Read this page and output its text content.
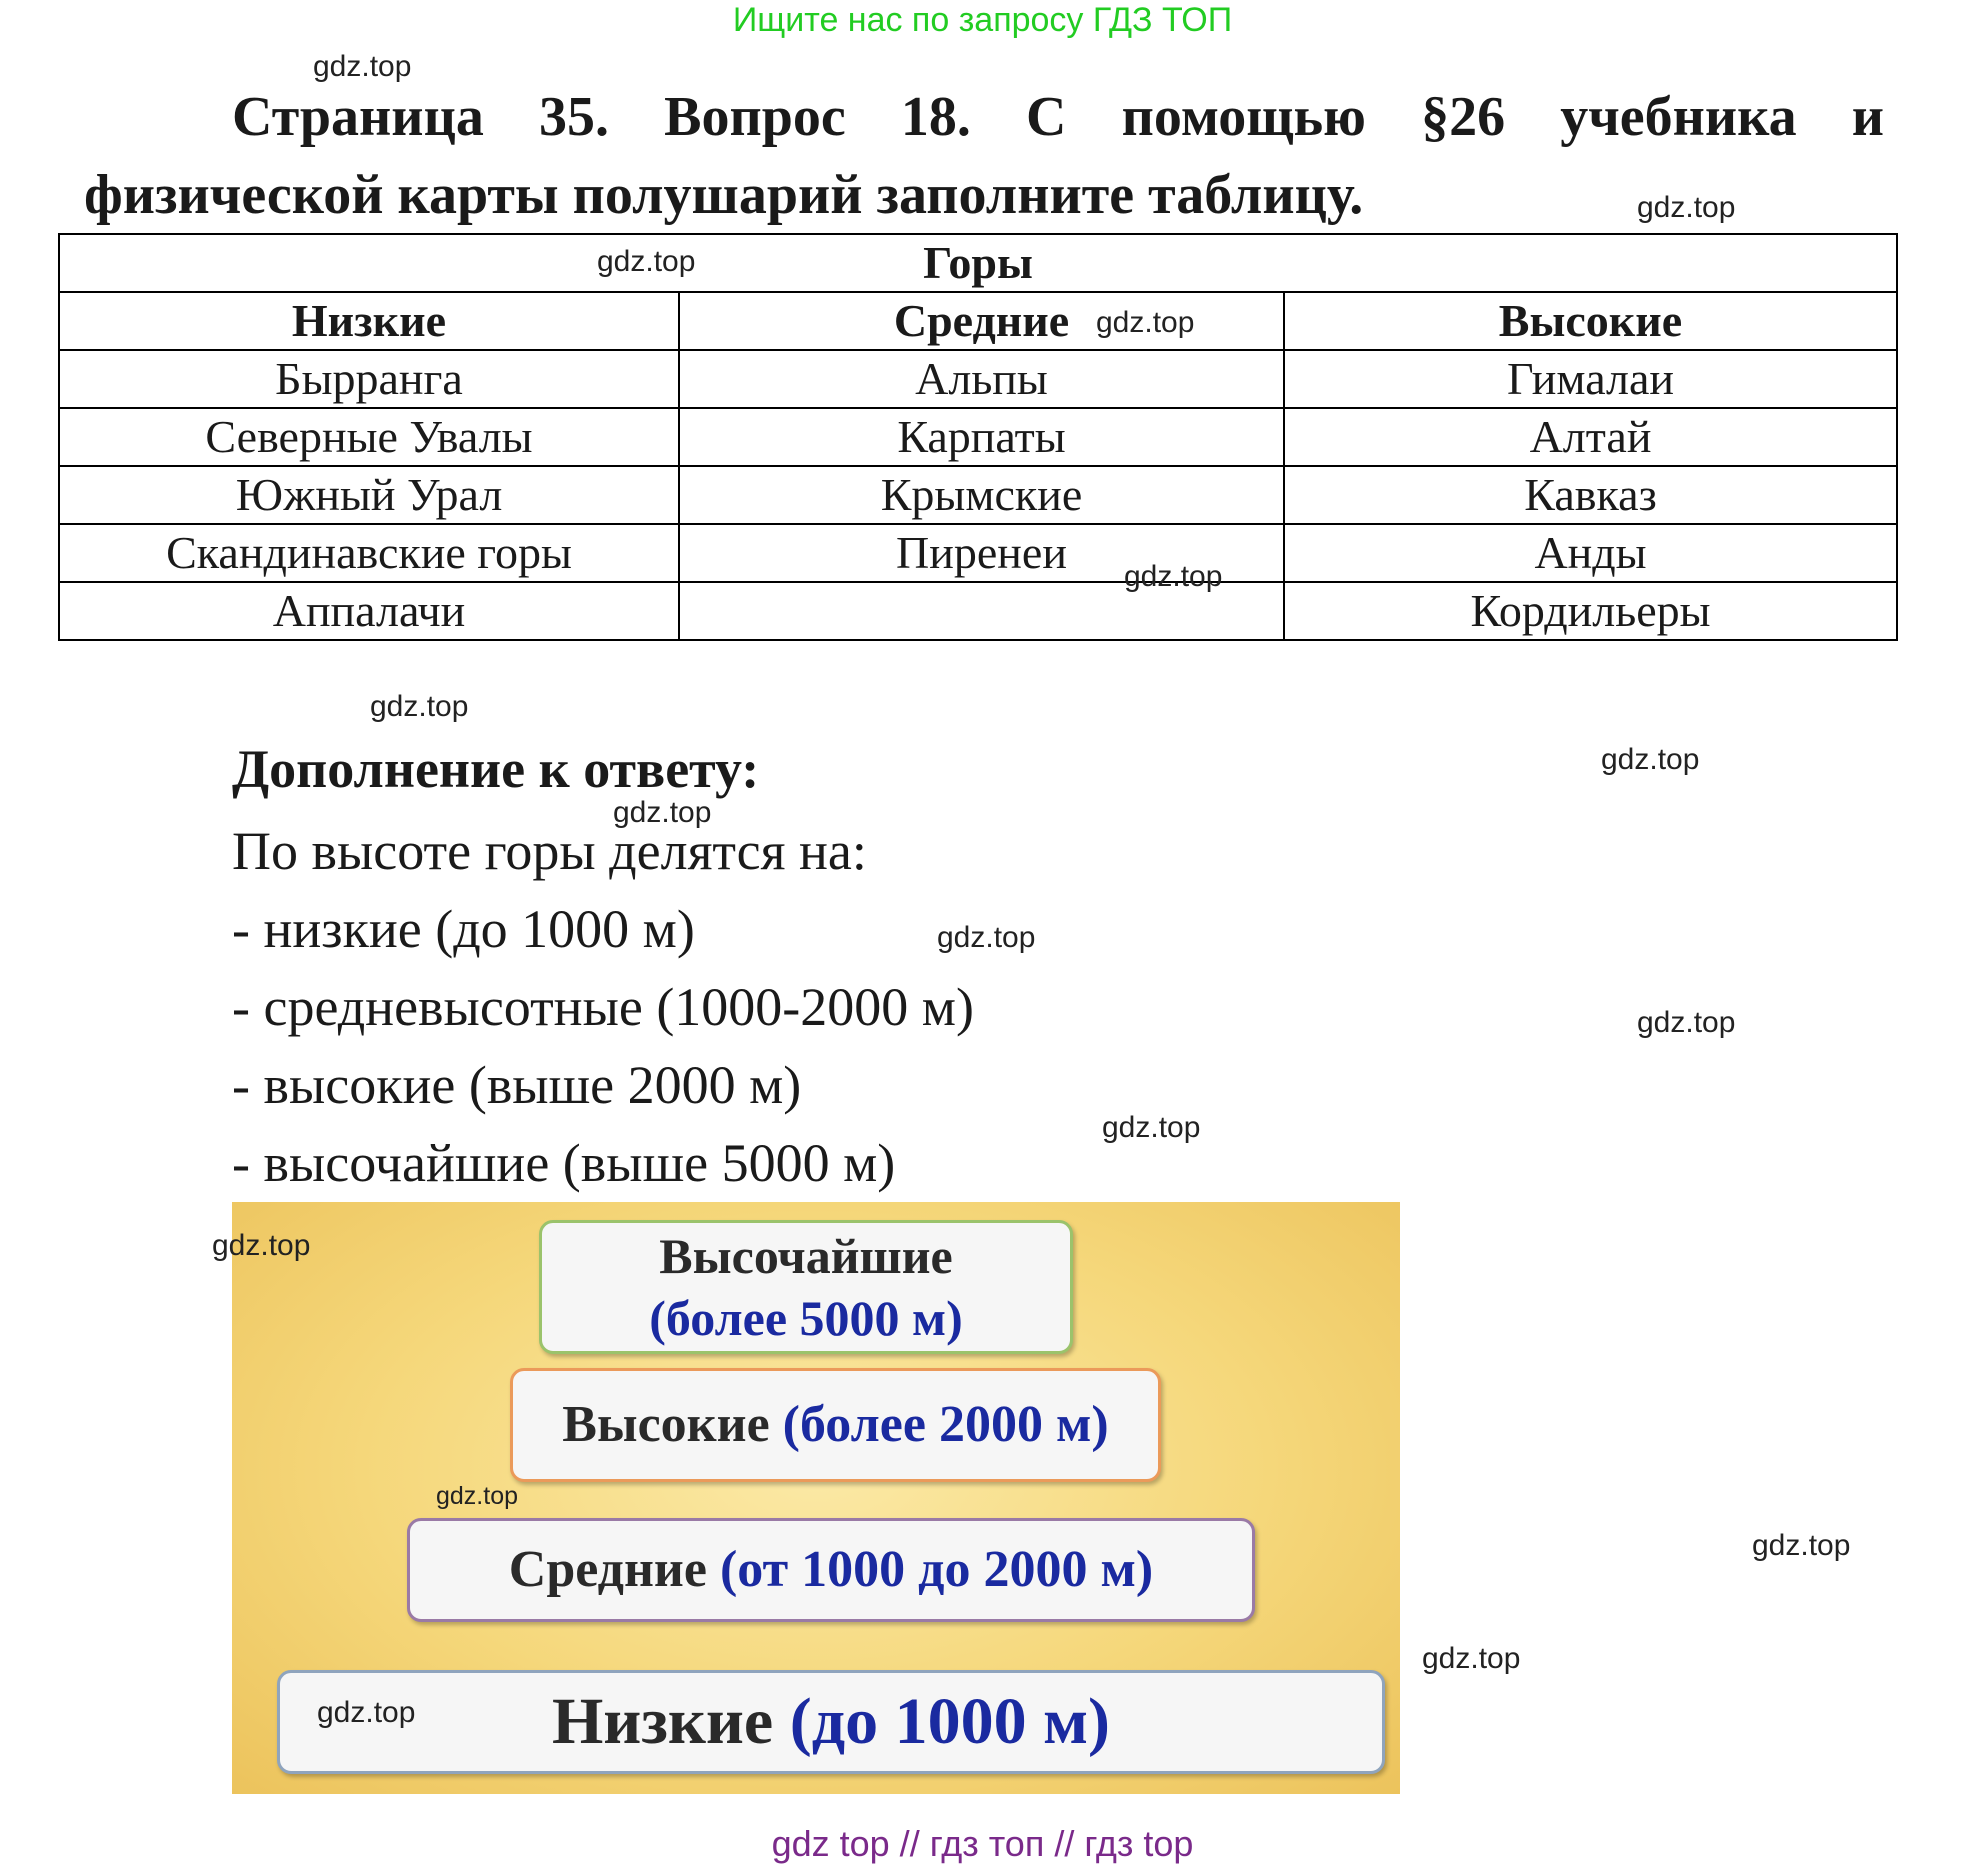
Ищите нас по запросу ГДЗ ТОП
Страница 35. Вопрос 18. С помощью §26 учебника и
физической карты полушарий заполните таблицу.
Горы		
Низкие	Средние	Высокие
Бырранга	Альпы	Гималаи
Северные Увалы	Карпаты	Алтай
Южный Урал	Крымские	Кавказ
Скандинавские горы	Пиренеи	Анды
Аппалачи		Кордильеры
Дополнение к ответу:
По высоте горы делятся на:
- низкие (до 1000 м)
- средневысотные (1000-2000 м)
- высокие (выше 2000 м)
- высочайшие (выше 5000 м)
Высочайшие
(более 5000 м)
Высокие (более 2000 м)
Средние (от 1000 до 2000 м)
Низкие (до 1000 м)
gdz.top
gdz.top
gdz.top
gdz.top
gdz.top
gdz.top
gdz.top
gdz.top
gdz.top
gdz.top
gdz.top
gdz.top
gdz.top
gdz.top
gdz.top
gdz.top
gdz top // гдз топ // гдз top
